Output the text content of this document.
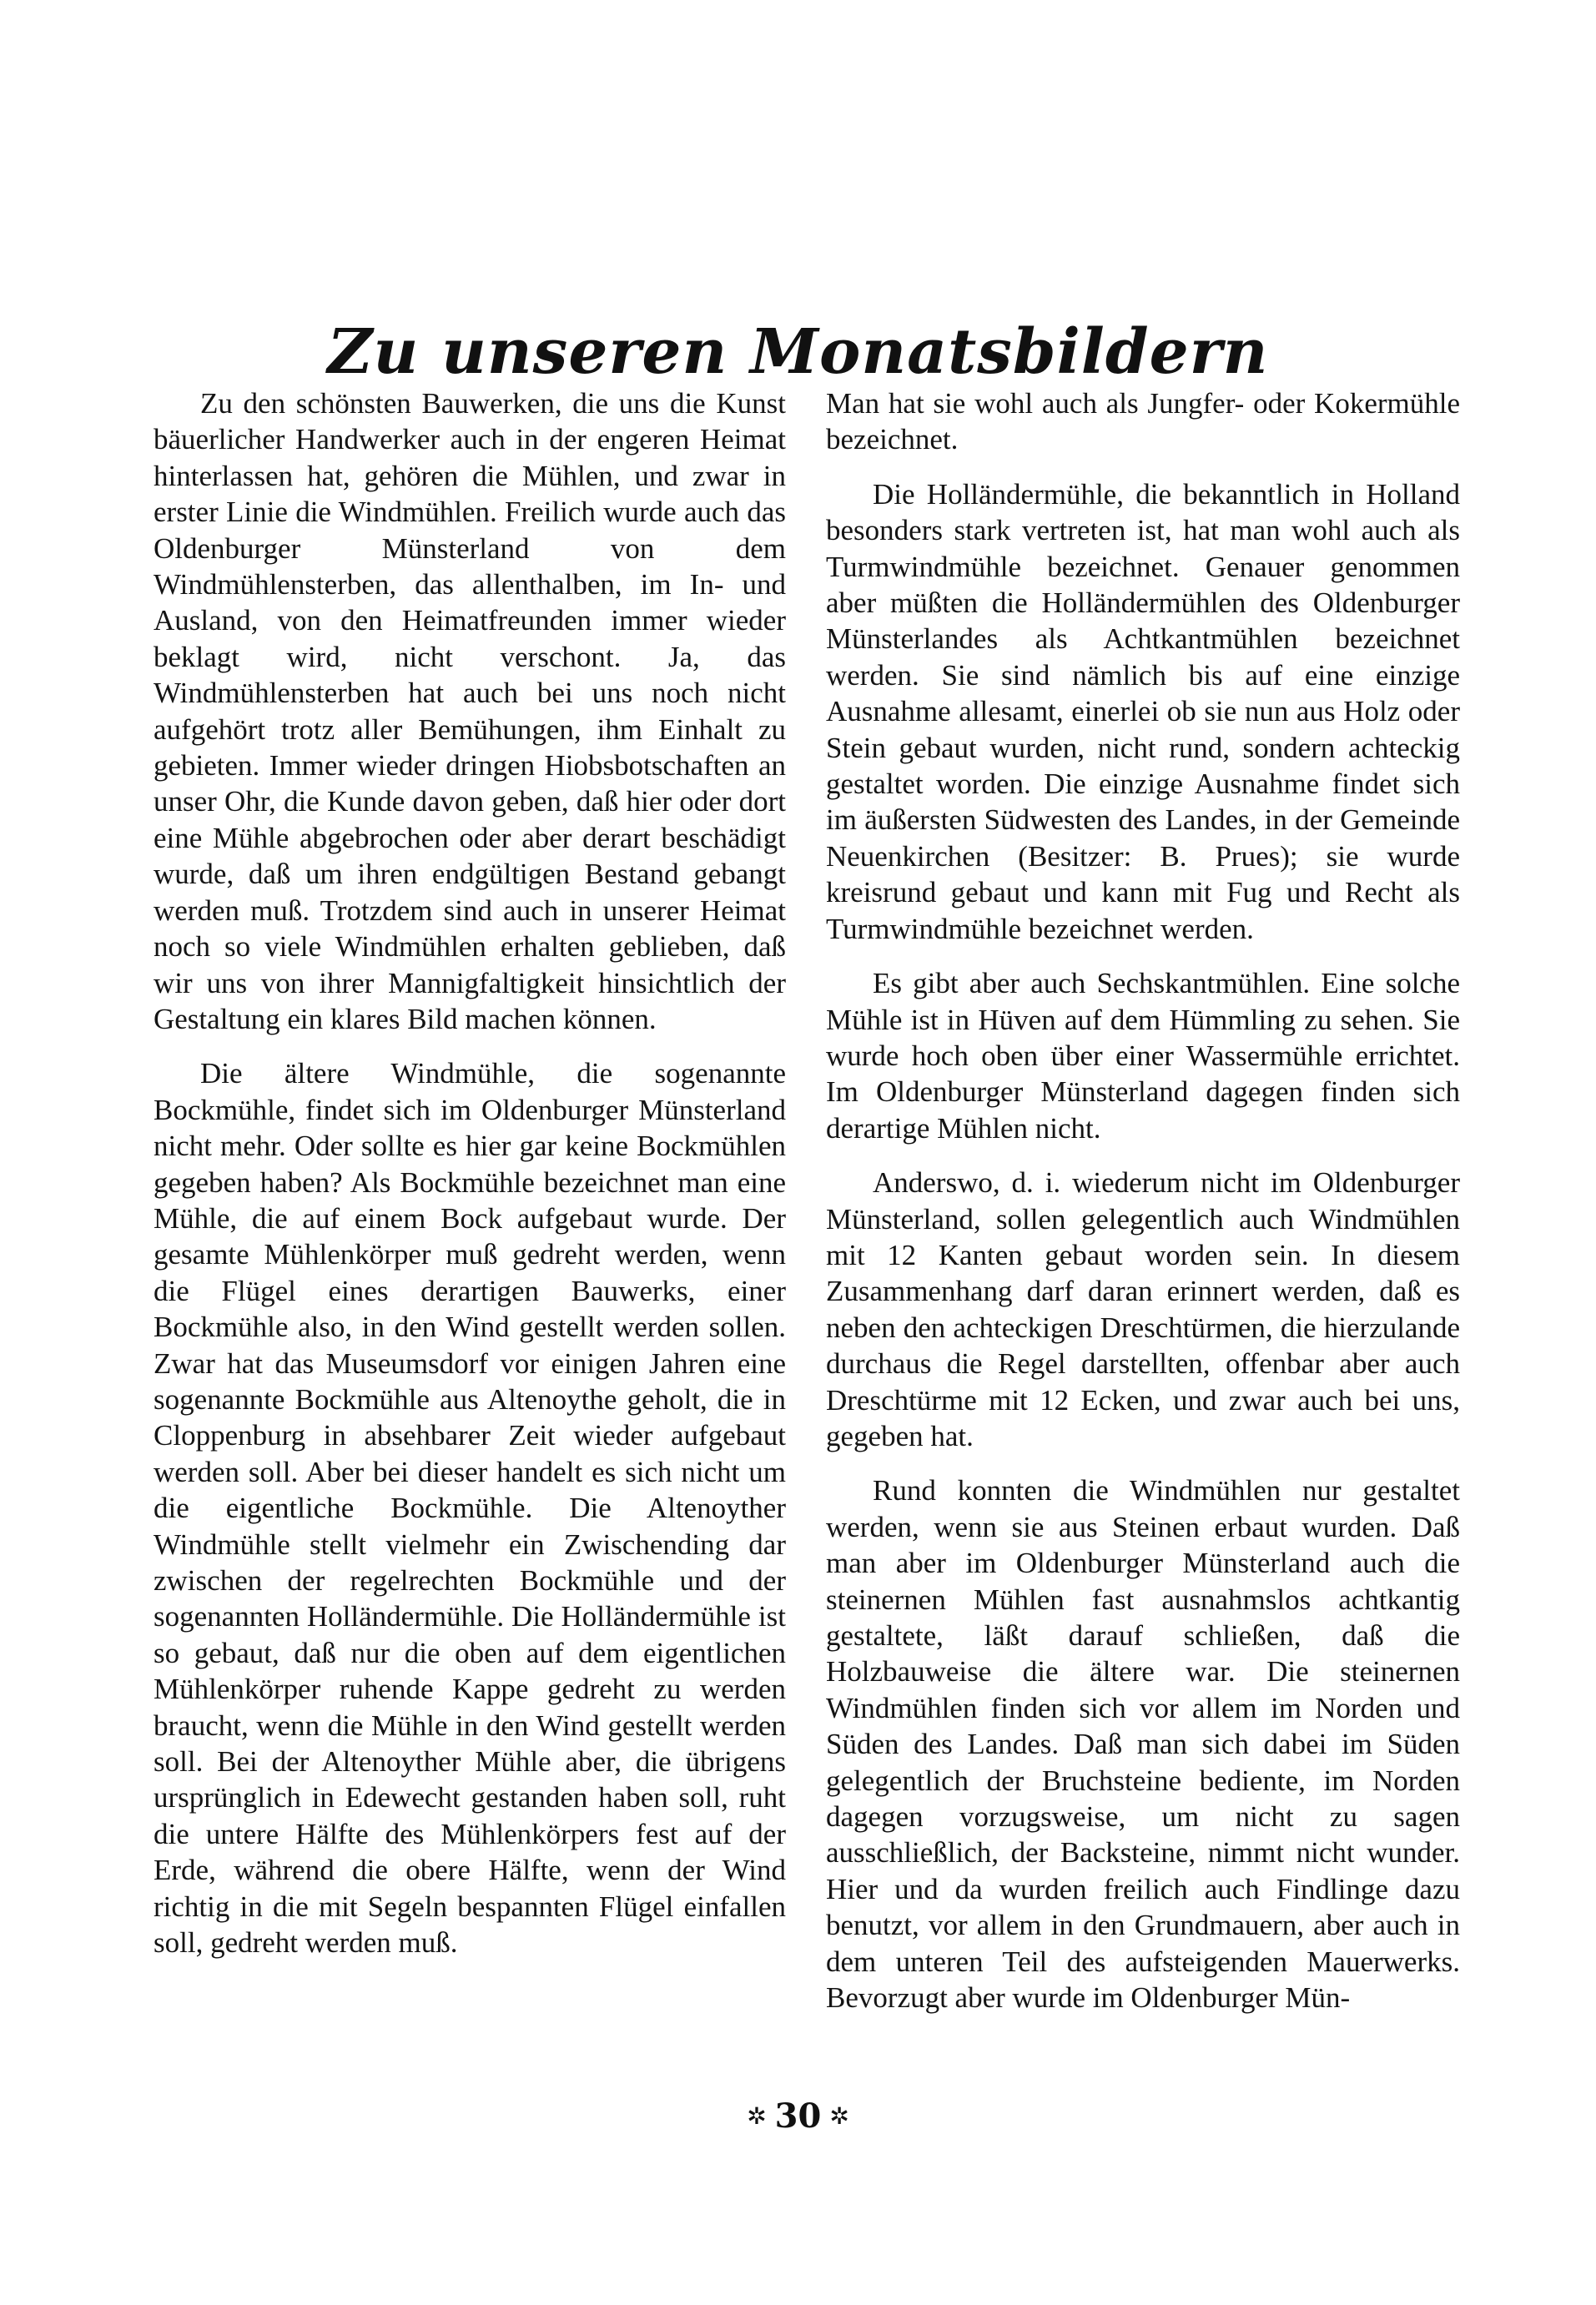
Zu unseren Monatsbildern

Zu den schönsten Bauwerken, die uns die Kunst bäuerlicher Handwerker auch in der engeren Heimat hinterlassen hat, gehören die Mühlen, und zwar in erster Linie die Windmühlen. Freilich wurde auch das Oldenburger Münsterland von dem Windmühlensterben, das allenthalben, im In- und Ausland, von den Heimatfreunden immer wieder beklagt wird, nicht verschont. Ja, das Windmühlensterben hat auch bei uns noch nicht aufgehört trotz aller Bemühungen, ihm Einhalt zu gebieten. Immer wieder dringen Hiobsbotschaften an unser Ohr, die Kunde davon geben, daß hier oder dort eine Mühle abgebrochen oder aber derart beschädigt wurde, daß um ihren endgültigen Bestand gebangt werden muß. Trotzdem sind auch in unserer Heimat noch so viele Windmühlen erhalten geblieben, daß wir uns von ihrer Mannigfaltigkeit hinsichtlich der Gestaltung ein klares Bild machen können.

Die ältere Windmühle, die sogenannte Bockmühle, findet sich im Oldenburger Münsterland nicht mehr. Oder sollte es hier gar keine Bockmühlen gegeben haben? Als Bockmühle bezeichnet man eine Mühle, die auf einem Bock aufgebaut wurde. Der gesamte Mühlenkörper muß gedreht werden, wenn die Flügel eines derartigen Bauwerks, einer Bockmühle also, in den Wind gestellt werden sollen. Zwar hat das Museumsdorf vor einigen Jahren eine sogenannte Bockmühle aus Altenoythe geholt, die in Cloppenburg in absehbarer Zeit wieder aufgebaut werden soll. Aber bei dieser handelt es sich nicht um die eigentliche Bockmühle. Die Altenoyther Windmühle stellt vielmehr ein Zwischending dar zwischen der regelrechten Bockmühle und der sogenannten Holländermühle. Die Holländermühle ist so gebaut, daß nur die oben auf dem eigentlichen Mühlenkörper ruhende Kappe gedreht zu werden braucht, wenn die Mühle in den Wind gestellt werden soll. Bei der Altenoyther Mühle aber, die übrigens ursprünglich in Edewecht gestanden haben soll, ruht die untere Hälfte des Mühlenkörpers fest auf der Erde, während die obere Hälfte, wenn der Wind richtig in die mit Segeln bespannten Flügel einfallen soll, gedreht werden muß.

Man hat sie wohl auch als Jungfer- oder Kokermühle bezeichnet.

Die Holländermühle, die bekanntlich in Holland besonders stark vertreten ist, hat man wohl auch als Turmwindmühle bezeichnet. Genauer genommen aber müßten die Holländermühlen des Oldenburger Münsterlandes als Achtkantmühlen bezeichnet werden. Sie sind nämlich bis auf eine einzige Ausnahme allesamt, einerlei ob sie nun aus Holz oder Stein gebaut wurden, nicht rund, sondern achteckig gestaltet worden. Die einzige Ausnahme findet sich im äußersten Südwesten des Landes, in der Gemeinde Neuenkirchen (Besitzer: B. Prues); sie wurde kreisrund gebaut und kann mit Fug und Recht als Turmwindmühle bezeichnet werden.

Es gibt aber auch Sechskantmühlen. Eine solche Mühle ist in Hüven auf dem Hümmling zu sehen. Sie wurde hoch oben über einer Wassermühle errichtet. Im Oldenburger Münsterland dagegen finden sich derartige Mühlen nicht.

Anderswo, d. i. wiederum nicht im Oldenburger Münsterland, sollen gelegentlich auch Windmühlen mit 12 Kanten gebaut worden sein. In diesem Zusammenhang darf daran erinnert werden, daß es neben den achteckigen Dreschtürmen, die hierzulande durchaus die Regel darstellten, offenbar aber auch Dreschtürme mit 12 Ecken, und zwar auch bei uns, gegeben hat.

Rund konnten die Windmühlen nur gestaltet werden, wenn sie aus Steinen erbaut wurden. Daß man aber im Oldenburger Münsterland auch die steinernen Mühlen fast ausnahmslos achtkantig gestaltete, läßt darauf schließen, daß die Holzbauweise die ältere war. Die steinernen Windmühlen finden sich vor allem im Norden und Süden des Landes. Daß man sich dabei im Süden gelegentlich der Bruchsteine bediente, im Norden dagegen vorzugsweise, um nicht zu sagen ausschließlich, der Backsteine, nimmt nicht wunder. Hier und da wurden freilich auch Findlinge dazu benutzt, vor allem in den Grundmauern, aber auch in dem unteren Teil des aufsteigenden Mauerwerks. Bevorzugt aber wurde im Oldenburger Mün-

✲ 30 ✲
